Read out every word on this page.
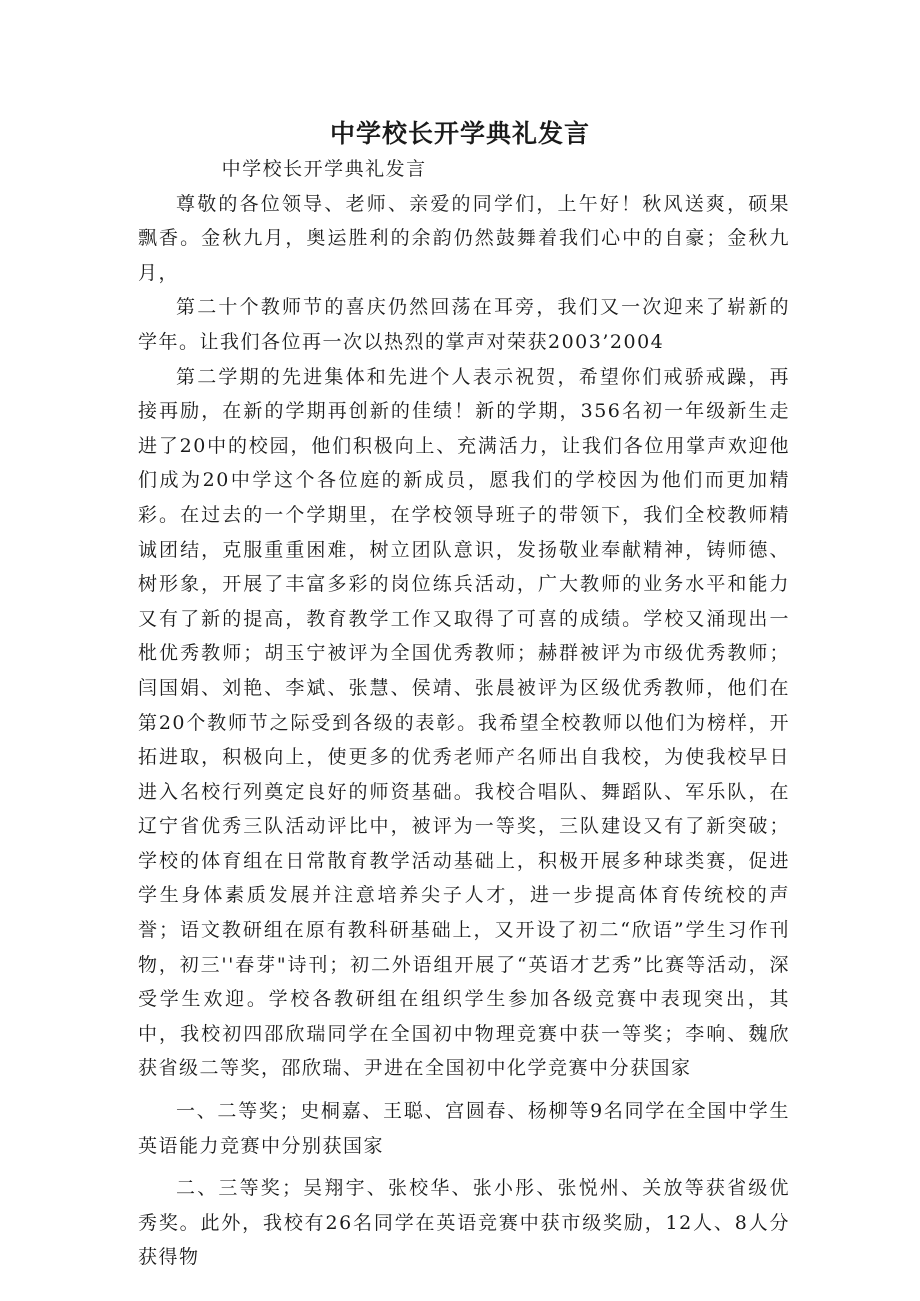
中学校长开学典礼发言

中学校长开学典礼发言

尊敬的各位领导、老师、亲爱的同学们，上午好！秋风送爽，硕果飘香。金秋九月，奥运胜利的余韵仍然鼓舞着我们心中的自豪；金秋九月，

第二十个教师节的喜庆仍然回荡在耳旁，我们又一次迎来了崭新的学年。让我们各位再一次以热烈的掌声对荣获2003’2004

第二学期的先进集体和先进个人表示祝贺，希望你们戒骄戒躁，再接再励，在新的学期再创新的佳绩！新的学期，356名初一年级新生走进了20中的校园，他们积极向上、充满活力，让我们各位用掌声欢迎他们成为20中学这个各位庭的新成员，愿我们的学校因为他们而更加精彩。在过去的一个学期里，在学校领导班子的带领下，我们全校教师精诚团结，克服重重困难，树立团队意识，发扬敬业奉献精神，铸师德、树形象，开展了丰富多彩的岗位练兵活动，广大教师的业务水平和能力又有了新的提高，教育教学工作又取得了可喜的成绩。学校又涌现出一枇优秀教师；胡玉宁被评为全国优秀教师；赫群被评为市级优秀教师；闫国娟、刘艳、李斌、张慧、侯靖、张晨被评为区级优秀教师，他们在第20个教师节之际受到各级的表彰。我希望全校教师以他们为榜样，开拓进取，积极向上，使更多的优秀老师产名师出自我校，为使我校早日进入名校行列奠定良好的师资基础。我校合唱队、舞蹈队、军乐队，在辽宁省优秀三队活动评比中，被评为一等奖，三队建设又有了新突破；学校的体育组在日常散育教学活动基础上，积极开展多种球类赛，促进学生身体素质发展并注意培养尖子人才，进一步提高体育传统校的声誉；语文教研组在原有教科研基础上，又开设了初二“欣语”学生习作刊物，初三''春芽"诗刊；初二外语组开展了“英语才艺秀”比赛等活动，深受学生欢迎。学校各教研组在组织学生参加各级竞赛中表现突出，其中，我校初四邵欣瑞同学在全国初中物理竞赛中获一等奖；李响、魏欣获省级二等奖，邵欣瑞、尹进在全国初中化学竞赛中分获国家

一、二等奖；史桐嘉、王聪、宫圆春、杨柳等9名同学在全国中学生英语能力竞赛中分别获国家

二、三等奖；吴翔宇、张校华、张小彤、张悦州、关放等获省级优秀奖。此外，我校有26名同学在英语竞赛中获市级奖励，12人、8人分获得物
